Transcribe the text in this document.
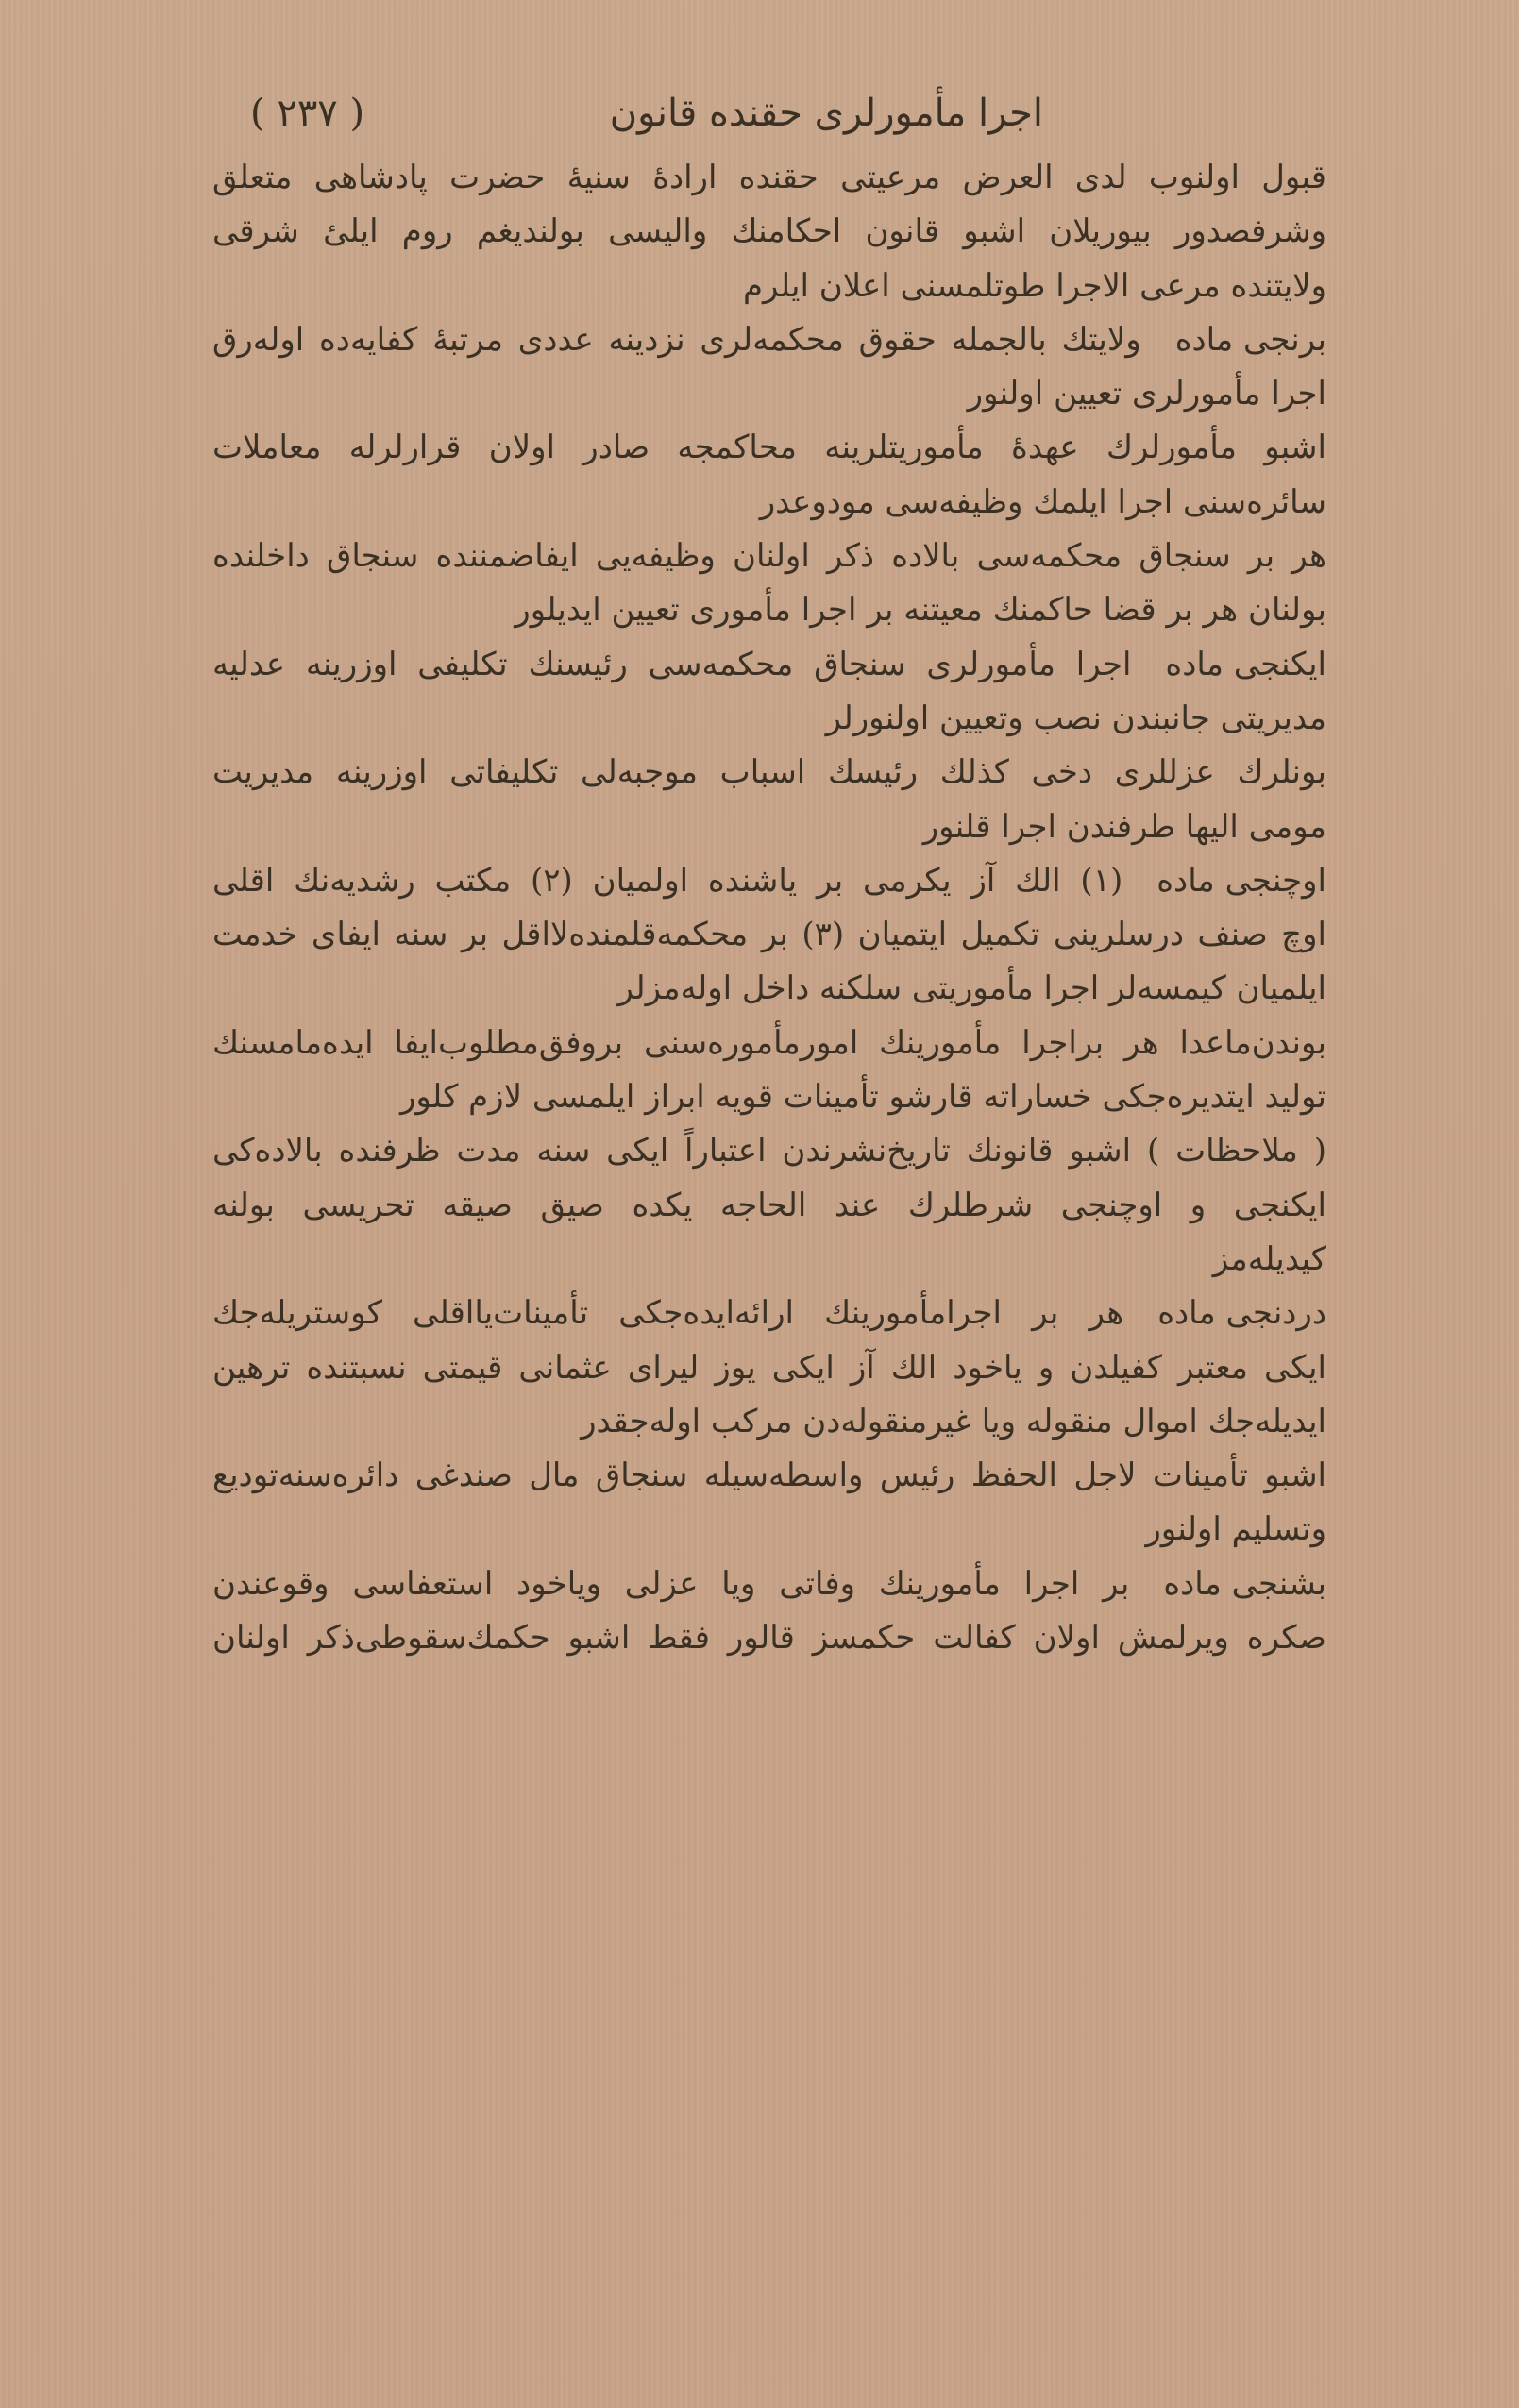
اجرا مأمورلری حقنده قانون
( ۲۳۷ )
قبول اولنوب لدی العرض مرعیتی حقنده ارادهٔ سنیهٔ حضرت پادشاهی متعلق
وشرفصدور بیوریلان اشبو قانون احکامنك والیسی بولندیغم روم ایلیٔ شرقی
ولایتنده مرعی الاجرا طوتلمسنی اعلان ایلرم
برنجی مادهولایتك بالجمله حقوق محکمه‌لری نزدینه عددی مرتبهٔ کفایه‌ده اوله‌رق
اجرا مأمورلری تعیین اولنور
اشبو مأمورلرك عهدهٔ مأموریتلرینه محاکمجه صادر اولان قرارلرله معاملات
سائره‌سنی اجرا ایلمك وظیفه‌سی مودوعدر
هر بر سنجاق محکمه‌سی بالاده ذکر اولنان وظیفه‌یی ایفاضمننده سنجاق داخلنده
بولنان هر بر قضا حاکمنك معیتنه بر اجرا مأموری تعیین ایدیلور
ایکنجی مادهاجرا مأمورلری سنجاق محکمه‌سی رئیسنك تکلیفی اوزرینه عدلیه
مدیریتی جانبندن نصب وتعیین اولنورلر
بونلرك عزللری دخی کذلك رئیسك اسباب موجبه‌لی تکلیفاتی اوزرینه مدیریت
مومی الیها طرفندن اجرا قلنور
اوچنجی ماده(۱) الك آز یکرمی بر یاشنده اولمیان (۲) مکتب رشدیه‌نك اقلی
اوچ صنف درسلرینی تکمیل ایتمیان (۳) بر محکمه‌قلمنده‌لااقل بر سنه ایفای خدمت
ایلمیان کیمسه‌لر اجرا مأموریتی سلکنه داخل اوله‌مزلر
بوندن‌ماعدا هر براجرا مأمورینك امورمأموره‌سنی بروفق‌مطلوب‌ایفا ایده‌مامسنك
تولید ایتدیره‌جکی خساراته قارشو تأمینات قویه ابراز ایلمسی لازم کلور
( ملاحظات ) اشبو قانونك تاریخ‌نشرندن اعتباراً ایکی سنه مدت ظرفنده بالاده‌کی
ایکنجی و اوچنجی شرطلرك عند الحاجه یکده صیق صیقه تحریسی بولنه
کیدیله‌مز
دردنجی مادههر بر اجرامأمورینك ارائه‌ایده‌جکی تأمینات‌یااقلی کوستریله‌جك
ایکی معتبر کفیلدن و یاخود الك آز ایکی یوز لیرای عثمانی قیمتی نسبتنده ترهین
ایدیله‌جك اموال منقوله ویا غیرمنقوله‌دن مرکب اوله‌جقدر
اشبو تأمینات لاجل الحفظ رئیس واسطه‌سیله سنجاق مال صندغی دائره‌سنه‌تودیع
وتسلیم اولنور
بشنجی مادهبر اجرا مأمورینك وفاتی ویا عزلی ویاخود استعفاسی وقوعندن
صکره ویرلمش اولان کفالت حکمسز قالور فقط اشبو حکمك‌سقوطی‌ذکر اولنان
